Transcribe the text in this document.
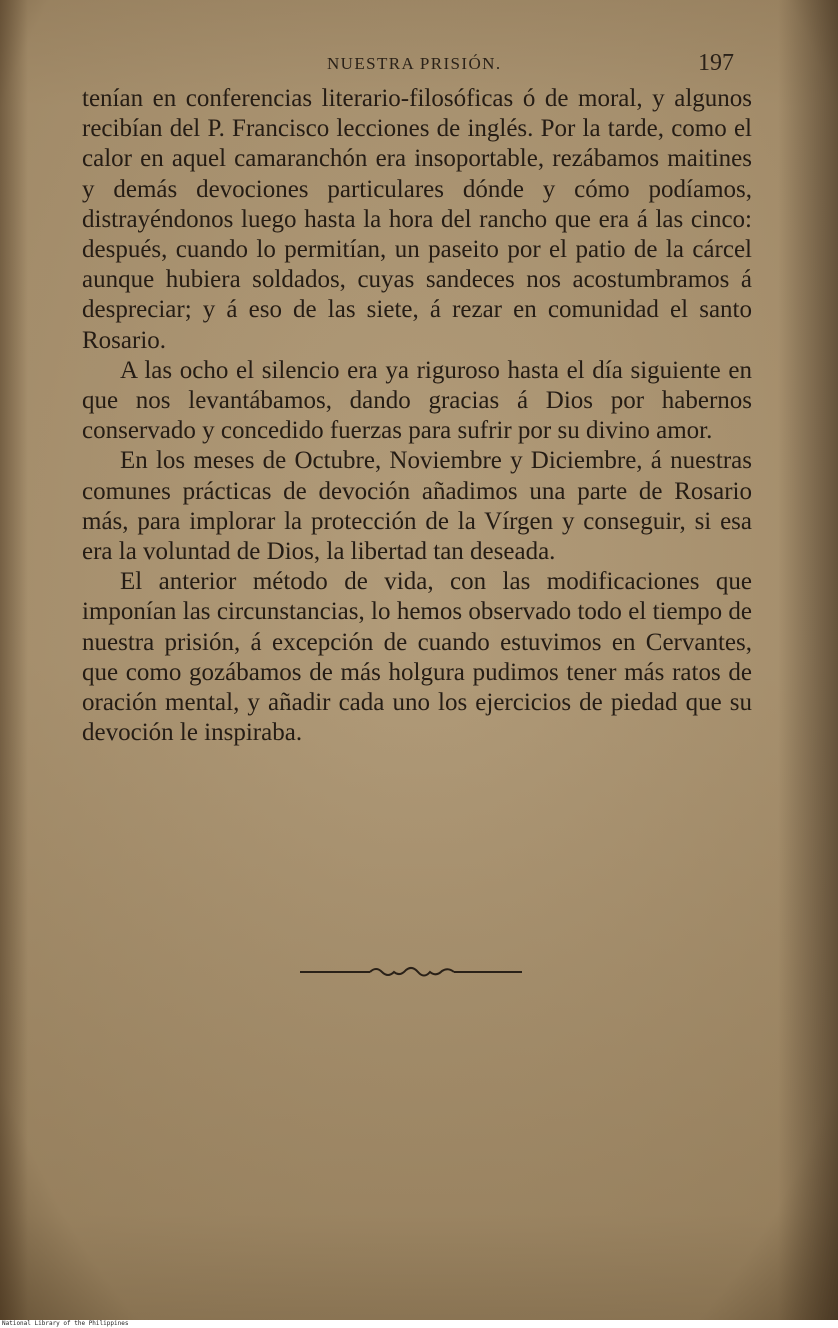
NUESTRA PRISIÓN.	197

tenían en conferencias literario-filosóficas ó de moral, y algunos recibían del P. Francisco lecciones de inglés. Por la tarde, como el calor en aquel camaranchón era insoportable, rezábamos maitines y demás devociones particulares dónde y cómo podíamos, distrayéndonos luego hasta la hora del rancho que era á las cinco: después, cuando lo permitían, un paseito por el patio de la cárcel aunque hubiera soldados, cuyas sandeces nos acostumbramos á despreciar; y á eso de las siete, á rezar en comunidad el santo Rosario.

A las ocho el silencio era ya riguroso hasta el día siguiente en que nos levantábamos, dando gracias á Dios por habernos conservado y concedido fuerzas para sufrir por su divino amor.

En los meses de Octubre, Noviembre y Diciembre, á nuestras comunes prácticas de devoción añadimos una parte de Rosario más, para implorar la protección de la Vírgen y conseguir, si esa era la voluntad de Dios, la libertad tan deseada.

El anterior método de vida, con las modificaciones que imponían las circunstancias, lo hemos observado todo el tiempo de nuestra prisión, á excepción de cuando estuvimos en Cervantes, que como gozábamos de más holgura pudimos tener más ratos de oración mental, y añadir cada uno los ejercicios de piedad que su devoción le inspiraba.

National Library of the Philippines
